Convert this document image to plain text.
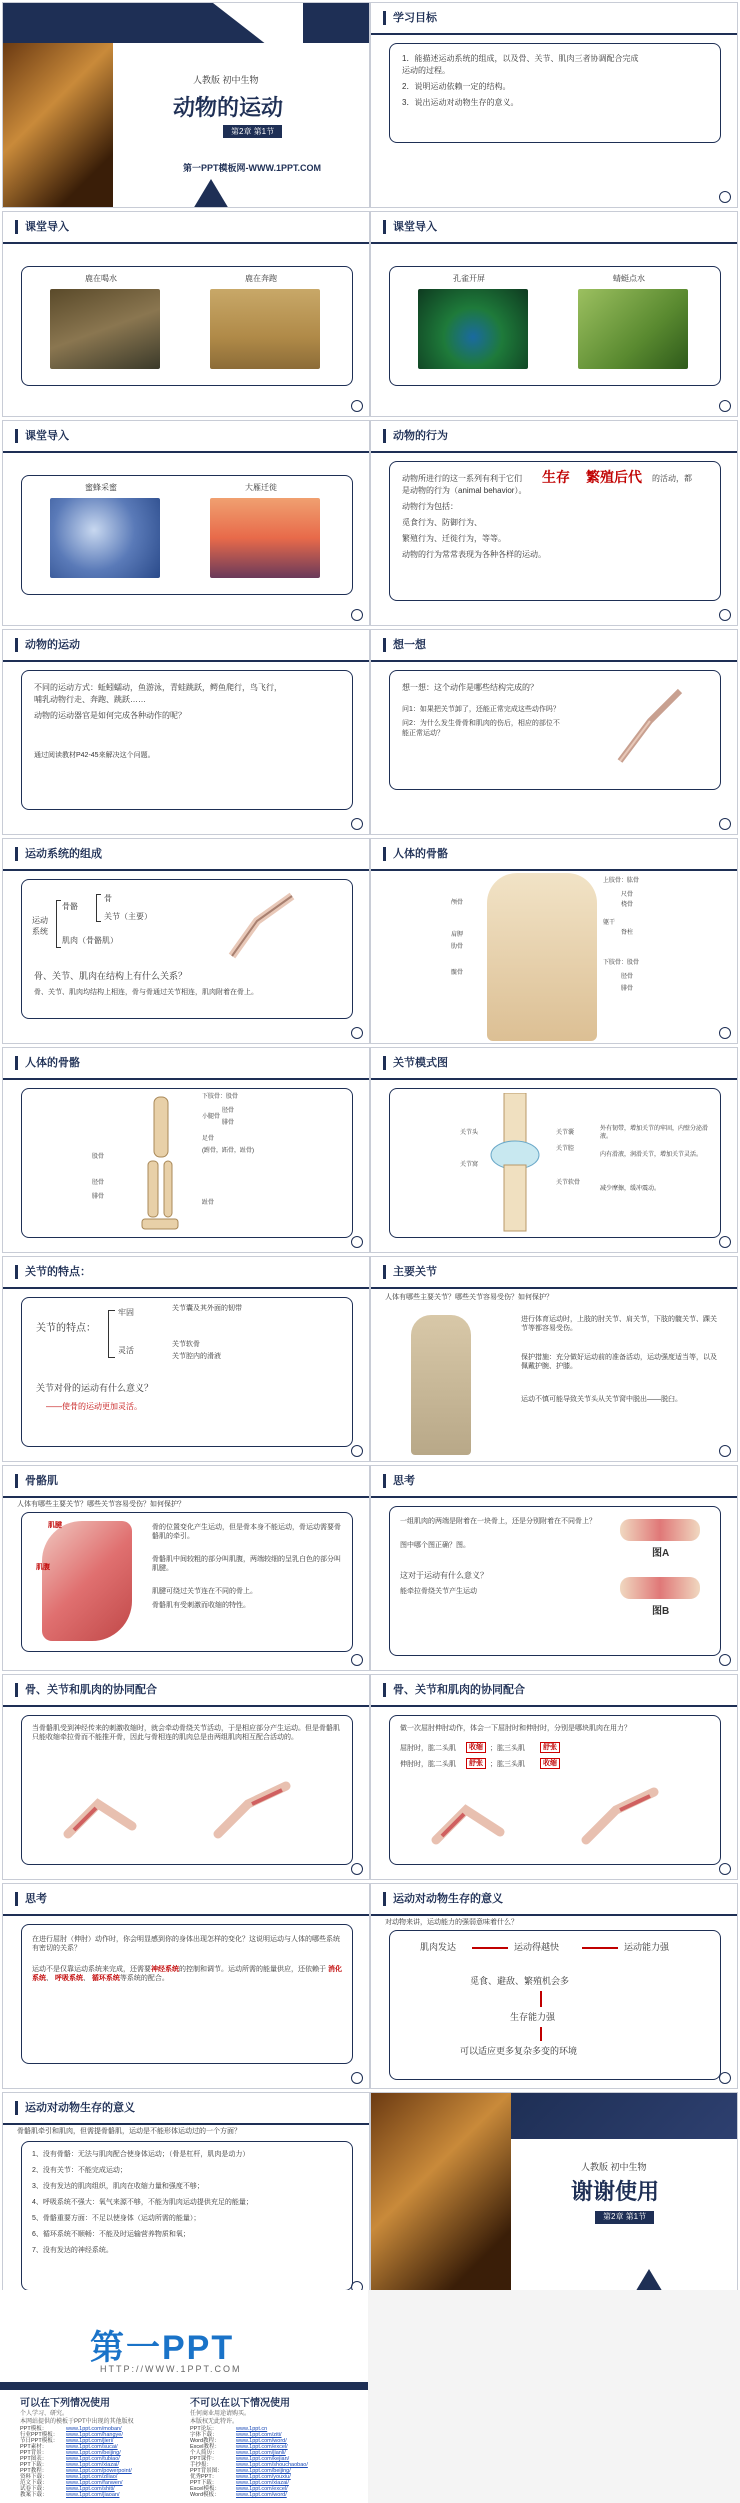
人教版 初中生物
动物的运动
第2章 第1节
第一PPT模板网-WWW.1PPT.COM
学习目标
1．能描述运动系统的组成，以及骨、关节、肌肉三者协调配合完成
运动的过程。
2．说明运动依赖一定的结构。
3．说出运动对动物生存的意义。
课堂导入
鹿在喝水	鹿在奔跑
课堂导入
孔雀开屏	蜻蜓点水
课堂导入
蜜蜂采蜜	大雁迁徙
动物的行为
动物所进行的这一系列有利于它们 生存 繁殖后代 的活动，都
是动物的行为（animal behavior）。
动物行为包括：
觅食行为、防御行为、
繁殖行为、迁徙行为，等等。
动物的行为常常表现为各种各样的运动。
动物的运动
不同的运动方式：蚯蚓蠕动，鱼游泳，青蛙跳跃，鳄鱼爬行，鸟飞行，
哺乳动物行走、奔跑、跳跃……
动物的运动器官是如何完成各种动作的呢？
通过阅读教材P42-45来解决这个问题。
想一想
想一想：这个动作是哪些结构完成的？
问1：如果把关节卸了，还能正常完成这些动作吗？
问2：为什么发生骨骨和肌肉的伤后，相应的部位不
能正常运动？
运动系统的组成
运动
系统
骨骼
骨
关节（主要）
肌肉（骨骼肌）
骨、关节、肌肉在结构上有什么关系？
骨、关节、肌肉均结构上相连，骨与骨通过关节相连，肌肉附着在骨上。
人体的骨骼
上肢骨：肱骨
尺骨
桡骨
躯干
脊柱
下肢骨：股骨
胫骨
腓骨
颅骨
肩胛
肋骨
髋骨
人体的骨骼
下肢骨：股骨
胫骨
腓骨
小腿骨
足骨
(跗骨，跖骨，趾骨)
股骨
胫骨
腓骨
趾骨
关节模式图
关节头	关节囊
关节腔
关节窝
关节软骨
外有韧带，增加关节的牢固，内壁分泌滑液。
内有滑液，润滑关节，增加关节灵活。
减少摩擦，缓冲震动。
关节的特点：
关节的特点：
牢固	关节囊及其外面的韧带
灵活
关节软骨
关节腔内的滑液
关节对骨的运动有什么意义？
——使骨的运动更加灵活。
主要关节
人体有哪些主要关节？哪些关节容易受伤？如何保护？
进行体育运动时，上肢的肘关节、肩关节，下肢的髋关节、踝关节等都容易受伤。
保护措施：充分做好运动前的准备活动，运动强度适当等，以及佩戴护腕、护膝。
运动不慎可能导致关节头从关节窝中脱出——脱臼。
骨骼肌
人体有哪些主要关节？哪些关节容易受伤？如何保护？
肌腱
肌腹
骨的位置变化产生运动，但是骨本身不能运动，骨运动需要骨骼肌的牵引。
骨骼肌中间较粗的部分叫肌腹，两端较细的呈乳白色的部分叫肌腱。
肌腱可绕过关节连在不同的骨上。
骨骼肌有受刺激而收缩的特性。
思考
一组肌肉的两端是附着在一块骨上，还是分别附着在不同骨上？
图中哪个图正确？图。
这对于运动有什么意义？
能牵拉骨绕关节产生运动
图A
图B
骨、关节和肌肉的协同配合
当骨骼肌受到神经传来的刺激收缩时，就会牵动骨绕关节活动，于是相应部分产生运动。但是骨骼肌只能收缩牵拉骨而不能推开骨，因此与骨相连的肌肉总是由两组肌肉相互配合活动的。
骨、关节和肌肉的协同配合
做一次屈肘伸肘动作，体会一下屈肘时和伸肘时，分别是哪块肌肉在用力？
屈肘时，肱二头肌	收缩	；肱三头肌	舒张
伸肘时，肱二头肌	舒张	；肱三头肌	收缩
思考
在进行屈肘（伸肘）动作时，你会明显感到你的身体出现怎样的变化？这说明运动与人体的哪些系统有密切的关系？
运动不是仅靠运动系统来完成，还需要神经系统的控制和调节。运动所需的能量供应，还依赖于 消化系统、 呼吸系统、 循环系统等系统的配合。
运动对动物生存的意义
对动物来讲，运动能力的强弱意味着什么？
肌肉发达	运动得越快	运动能力强
觅食、避敌、繁殖机会多
生存能力强
可以适应更多复杂多变的环境
运动对动物生存的意义
骨骼肌牵引和肌肉，但需提骨骼肌，运动是不能形体运动过的一个方面？
1、没有骨骼：无法与肌肉配合使身体运动；（骨是杠杆，肌肉是动力）
2、没有关节：不能完成运动；
3、没有发达的肌肉组织，肌肉在收缩力量和强度不够；
4、呼吸系统不强大：氧气来源不够，不能为肌肉运动提供充足的能量；
5、骨骼重要方面：不足以使身体（运动所需的能量）；
6、循环系统不顺畅：不能及时运输营养物质和氧；
7、没有发达的神经系统。
人教版 初中生物
谢谢使用
第2章 第1节
第一PPT
HTTP://WWW.1PPT.COM
可以在下列情况使用
个人学习、研究。
本网站提供的模板于PPT中出现的其他版权
不可以在以下情况使用
任何商业用途请购买。
本版权无此特许。
PPT模板：	www.1ppt.com/moban/
行业PPT模板： www.1ppt.com/hangye/
节日PPT模板： www.1ppt.com/jieri/
PPT素材：	www.1ppt.com/sucai/
PPT背景：	www.1ppt.com/beijing/
PPT图表：	www.1ppt.com/tubiao/
PPT下载：	www.1ppt.com/xiazai/
PPT教程：	www.1ppt.com/powerpoint/
资料下载：	www.1ppt.com/ziliao/
范文下载：	www.1ppt.com/fanwen/
试卷下载：	www.1ppt.com/shiti/
教案下载：	www.1ppt.com/jiaoan/
PPT论坛：	www.1ppt.cn
字体下载：	www.1ppt.com/ziti/
Word教程：	www.1ppt.com/word/
Excel教程：	www.1ppt.com/excel/
个人简历：	www.1ppt.com/jianli/
PPT课件：	www.1ppt.com/kejian/
手抄报：	www.1ppt.com/shouchaobao/
PPT背景图： www.1ppt.com/beijing/
优秀PPT：	www.1ppt.com/youxiu/
PPT下载：	www.1ppt.com/xiazai/
Excel模板：	www.1ppt.com/excel/
Word模板：	www.1ppt.com/word/
